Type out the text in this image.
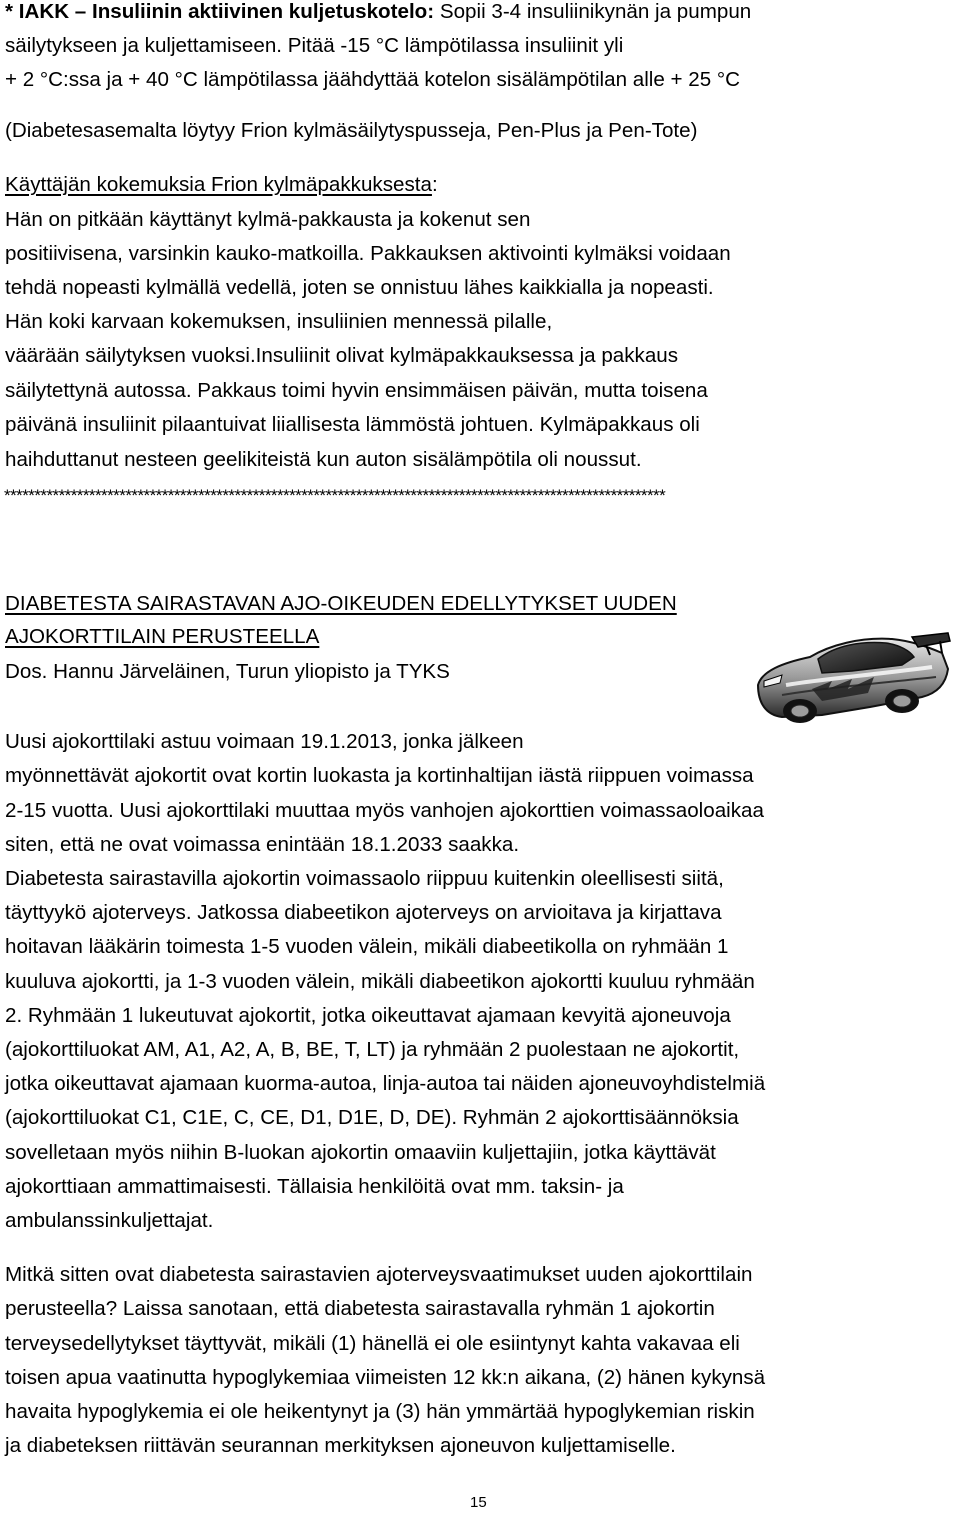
* IAKK – Insuliinin aktiivinen kuljetuskotelo: Sopii 3-4 insuliinikynän ja pumpun

säilytykseen ja kuljettamiseen. Pitää -15 °C lämpötilassa insuliinit yli

+ 2 °C:ssa ja + 40 °C lämpötilassa jäähdyttää kotelon sisälämpötilan alle + 25 °C

(Diabetesasemalta löytyy Frion kylmäsäilytyspusseja, Pen-Plus ja Pen-Tote)

Käyttäjän kokemuksia Frion kylmäpakkuksesta:

Hän on pitkään käyttänyt kylmä-pakkausta ja kokenut sen

positiivisena, varsinkin kauko-matkoilla. Pakkauksen aktivointi kylmäksi voidaan

tehdä nopeasti kylmällä vedellä, joten se onnistuu lähes kaikkialla ja nopeasti.

Hän koki karvaan kokemuksen, insuliinien mennessä pilalle,

väärään säilytyksen vuoksi.Insuliinit olivat kylmäpakkauksessa ja pakkaus

säilytettynä autossa. Pakkaus toimi hyvin ensimmäisen päivän, mutta toisena

päivänä insuliinit pilaantuivat liiallisesta lämmöstä johtuen. Kylmäpakkaus oli

haihduttanut nesteen geelikiteistä kun auton sisälämpötila oli noussut.

*************************************************************************************************************

DIABETESTA SAIRASTAVAN AJO-OIKEUDEN EDELLYTYKSET UUDEN

AJOKORTTILAIN PERUSTEELLA

Dos. Hannu Järveläinen, Turun yliopisto ja TYKS

Uusi ajokorttilaki astuu voimaan 19.1.2013, jonka jälkeen

myönnettävät ajokortit ovat kortin luokasta ja kortinhaltijan iästä riippuen voimassa

2-15 vuotta. Uusi ajokorttilaki muuttaa myös vanhojen ajokorttien voimassaoloaikaa

siten, että ne ovat voimassa enintään 18.1.2033 saakka.

Diabetesta sairastavilla ajokortin voimassaolo riippuu kuitenkin oleellisesti siitä,

täyttyykö ajoterveys. Jatkossa diabeetikon ajoterveys on arvioitava ja kirjattava

hoitavan lääkärin toimesta 1-5 vuoden välein, mikäli diabeetikolla on ryhmään 1

kuuluva ajokortti, ja 1-3 vuoden välein, mikäli diabeetikon ajokortti kuuluu ryhmään

2. Ryhmään 1 lukeutuvat ajokortit, jotka oikeuttavat ajamaan kevyitä ajoneuvoja

(ajokorttiluokat AM, A1, A2, A, B, BE, T, LT) ja ryhmään 2 puolestaan ne ajokortit,

jotka oikeuttavat ajamaan kuorma-autoa, linja-autoa tai näiden ajoneuvoyhdistelmiä

(ajokorttiluokat C1, C1E, C, CE, D1, D1E, D, DE). Ryhmän 2 ajokorttisäännöksia

sovelletaan myös niihin B-luokan ajokortin omaaviin kuljettajiin, jotka käyttävät

ajokorttiaan ammattimaisesti. Tällaisia henkilöitä ovat mm. taksin- ja

ambulanssinkuljettajat.

Mitkä sitten ovat diabetesta sairastavien ajoterveysvaatimukset uuden ajokorttilain

perusteella? Laissa sanotaan, että diabetesta sairastavalla ryhmän 1 ajokortin

terveysedellytykset täyttyvät, mikäli (1) hänellä ei ole esiintynyt kahta vakavaa eli

toisen apua vaatinutta hypoglykemiaa viimeisten 12 kk:n aikana, (2) hänen kykynsä

havaita hypoglykemia ei ole heikentynyt ja (3) hän ymmärtää hypoglykemian riskin

ja diabeteksen riittävän seurannan merkityksen ajoneuvon kuljettamiselle.

15
